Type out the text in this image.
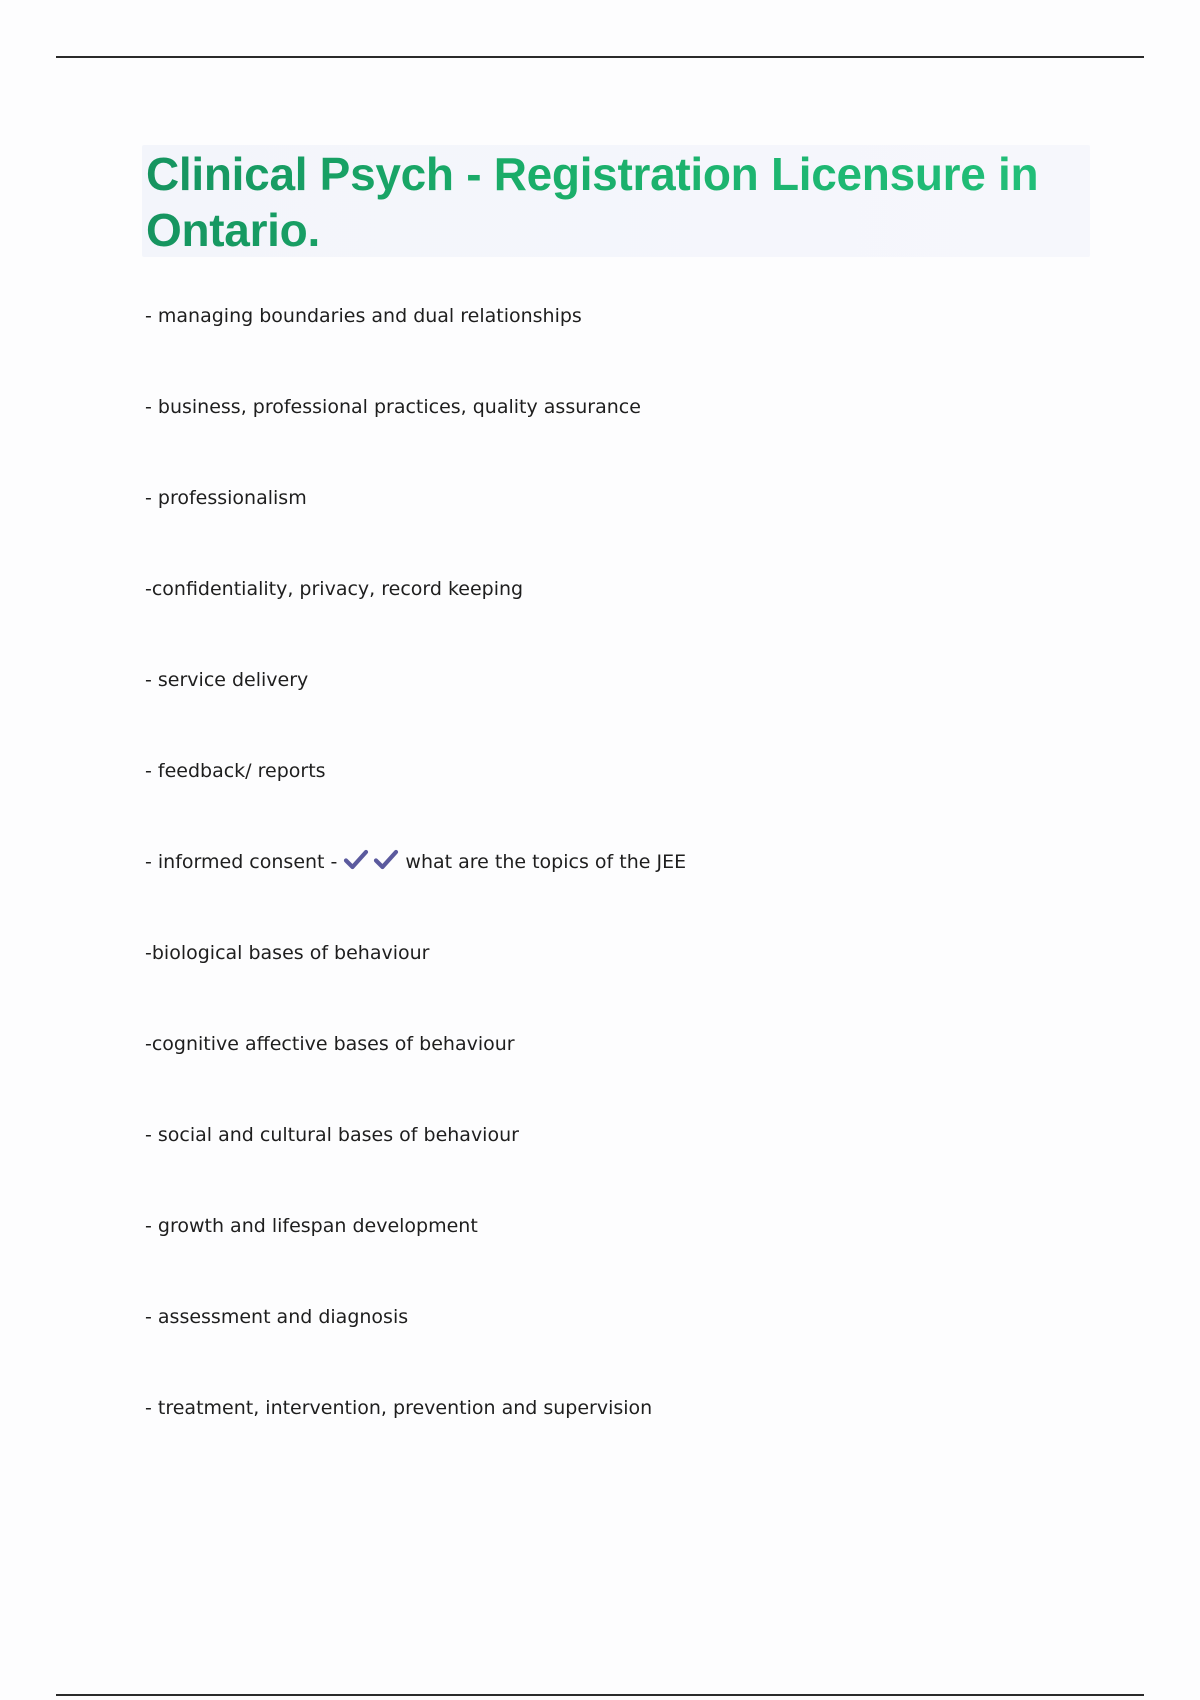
Clinical Psych - Registration Licensure in Ontario.
- managing boundaries and dual relationships
- business, professional practices, quality assurance
- professionalism
-confidentiality, privacy, record keeping
- service delivery
- feedback/ reports
- informed consent -	what are the topics of the JEE
-biological bases of behaviour
-cognitive affective bases of behaviour
- social and cultural bases of behaviour
- growth and lifespan development
- assessment and diagnosis
- treatment, intervention, prevention and supervision
